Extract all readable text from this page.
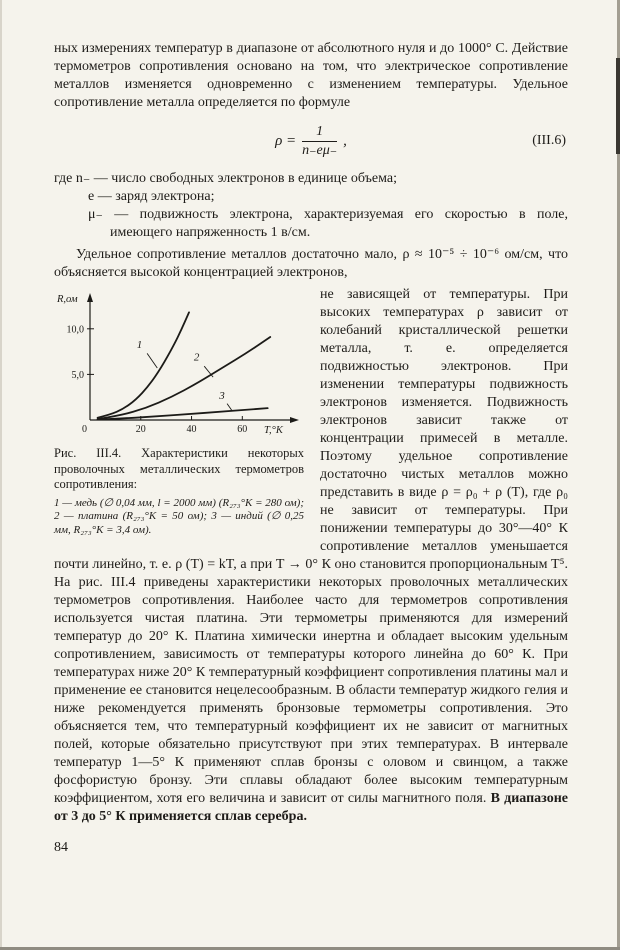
ных измерениях температур в диапазоне от абсолютного нуля и до 1000° С. Действие термометров сопротивления основано на том, что электрическое сопротивление металлов изменяется одновременно с изменением температуры. Удельное сопротивление металла определяется по формуле

$\rho = \frac{1}{n_-е\mu_-}$ ,	(III.6)

где n₋ — число свободных электронов в единице объема;

е — заряд электрона;

μ₋ — подвижность электрона, характеризуемая его скоростью в поле, имеющего напряженность 1 в/см.

Удельное сопротивление металлов достаточно мало, ρ ≈ 10⁻⁵ ÷ 10⁻⁶ ом/см, что объясняется высокой концентрацией электронов,

5,0
10,0
20	40	60
0
R,ом
T,°K
1
2
3
Рис. III.4. Характеристики некоторых проволочных металлических термометров сопротивления:
1 — медь (∅ 0,04 мм, l = 2000 мм) (R₂₇₃°К = 280 ом); 2 — платина (R₂₇₃°К = 50 ом); 3 — индий (∅ 0,25 мм, R₂₇₃°К = 3,4 ом).

не зависящей от температуры. При высоких температурах ρ зависит от колебаний кристаллической решетки металла, т. е. определяется подвижностью электронов. При изменении температуры подвижность электронов изменяется. Подвижность электронов зависит также от концентрации примесей в металле. Поэтому удельное сопротивление достаточно чистых металлов можно представить в виде ρ = ρ₀ + ρ (T), где ρ₀ не зависит от температуры. При понижении температуры до 30°—40° К сопротивление металлов уменьшается почти линейно, т. е. ρ (T) = kT, а при T → 0° К оно становится пропорциональным T⁵. На рис. III.4 приведены характеристики некоторых проволочных металлических термометров сопротивления. Наиболее часто для термометров сопротивления используется чистая платина. Эти термометры применяются для измерений температур до 20° К. Платина химически инертна и обладает высоким удельным сопротивлением, зависимость от температуры которого линейна до 60° К. При температурах ниже 20° К температурный коэффициент сопротивления платины мал и применение ее становится нецелесообразным. В области температур жидкого гелия и ниже рекомендуется применять бронзовые термометры сопротивления. Это объясняется тем, что температурный коэффициент их не зависит от магнитных полей, которые обязательно присутствуют при этих температурах. В интервале температур 1—5° К применяют сплав бронзы с оловом и свинцом, а также фосфористую бронзу. Эти сплавы обладают более высоким температурным коэффициентом, хотя его величина и зависит от силы магнитного поля. В диапазоне от 3 до 5° К применяется сплав серебра.

84
